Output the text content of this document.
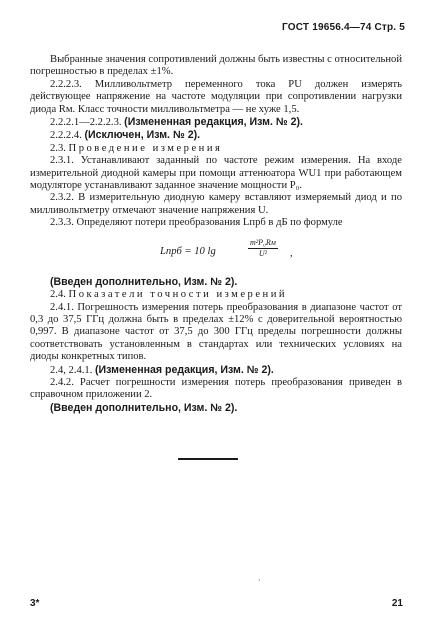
ГОСТ 19656.4—74 Стр. 5

Выбранные значения сопротивлений должны быть известны с относительной погрешностью в пределах ±1%.

2.2.2.3. Милливольтметр переменного тока PU должен измерять действующее напряжение на частоте модуляции при сопротивлении нагрузки диода Rм. Класс точности милливольтметра — не хуже 1,5.

2.2.2.1—2.2.2.3. (Измененная редакция, Изм. № 2).

2.2.2.4. (Исключен, Изм. № 2).

2.3. Проведение измерения

2.3.1. Устанавливают заданный по частоте режим измерения. На входе измерительной диодной камеры при помощи аттенюатора WU1 при работающем модуляторе устанавливают заданное значение мощности P₀.

2.3.2. В измерительную диодную камеру вставляют измеряемый диод и по милливольтметру отмечают значение напряжения U.

2.3.3. Определяют потери преобразования Lпрб в дБ по формуле

Lпрб = 10 lg
m²P₀Rм
U²	,

(Введен дополнительно, Изм. № 2).

2.4. Показатели точности измерений

2.4.1. Погрешность измерения потерь преобразования в диапазоне частот от 0,3 до 37,5 ГГц должна быть в пределах ±12% с доверительной вероятностью 0,997. В диапазоне частот от 37,5 до 300 ГГц пределы погрешности должны соответствовать установленным в стандартах или технических условиях на диоды конкретных типов.

2.4, 2.4.1. (Измененная редакция, Изм. № 2).

2.4.2. Расчет погрешности измерения потерь преобразования приведен в справочном приложении 2.

(Введен дополнительно, Изм. № 2).

·
3*	21
